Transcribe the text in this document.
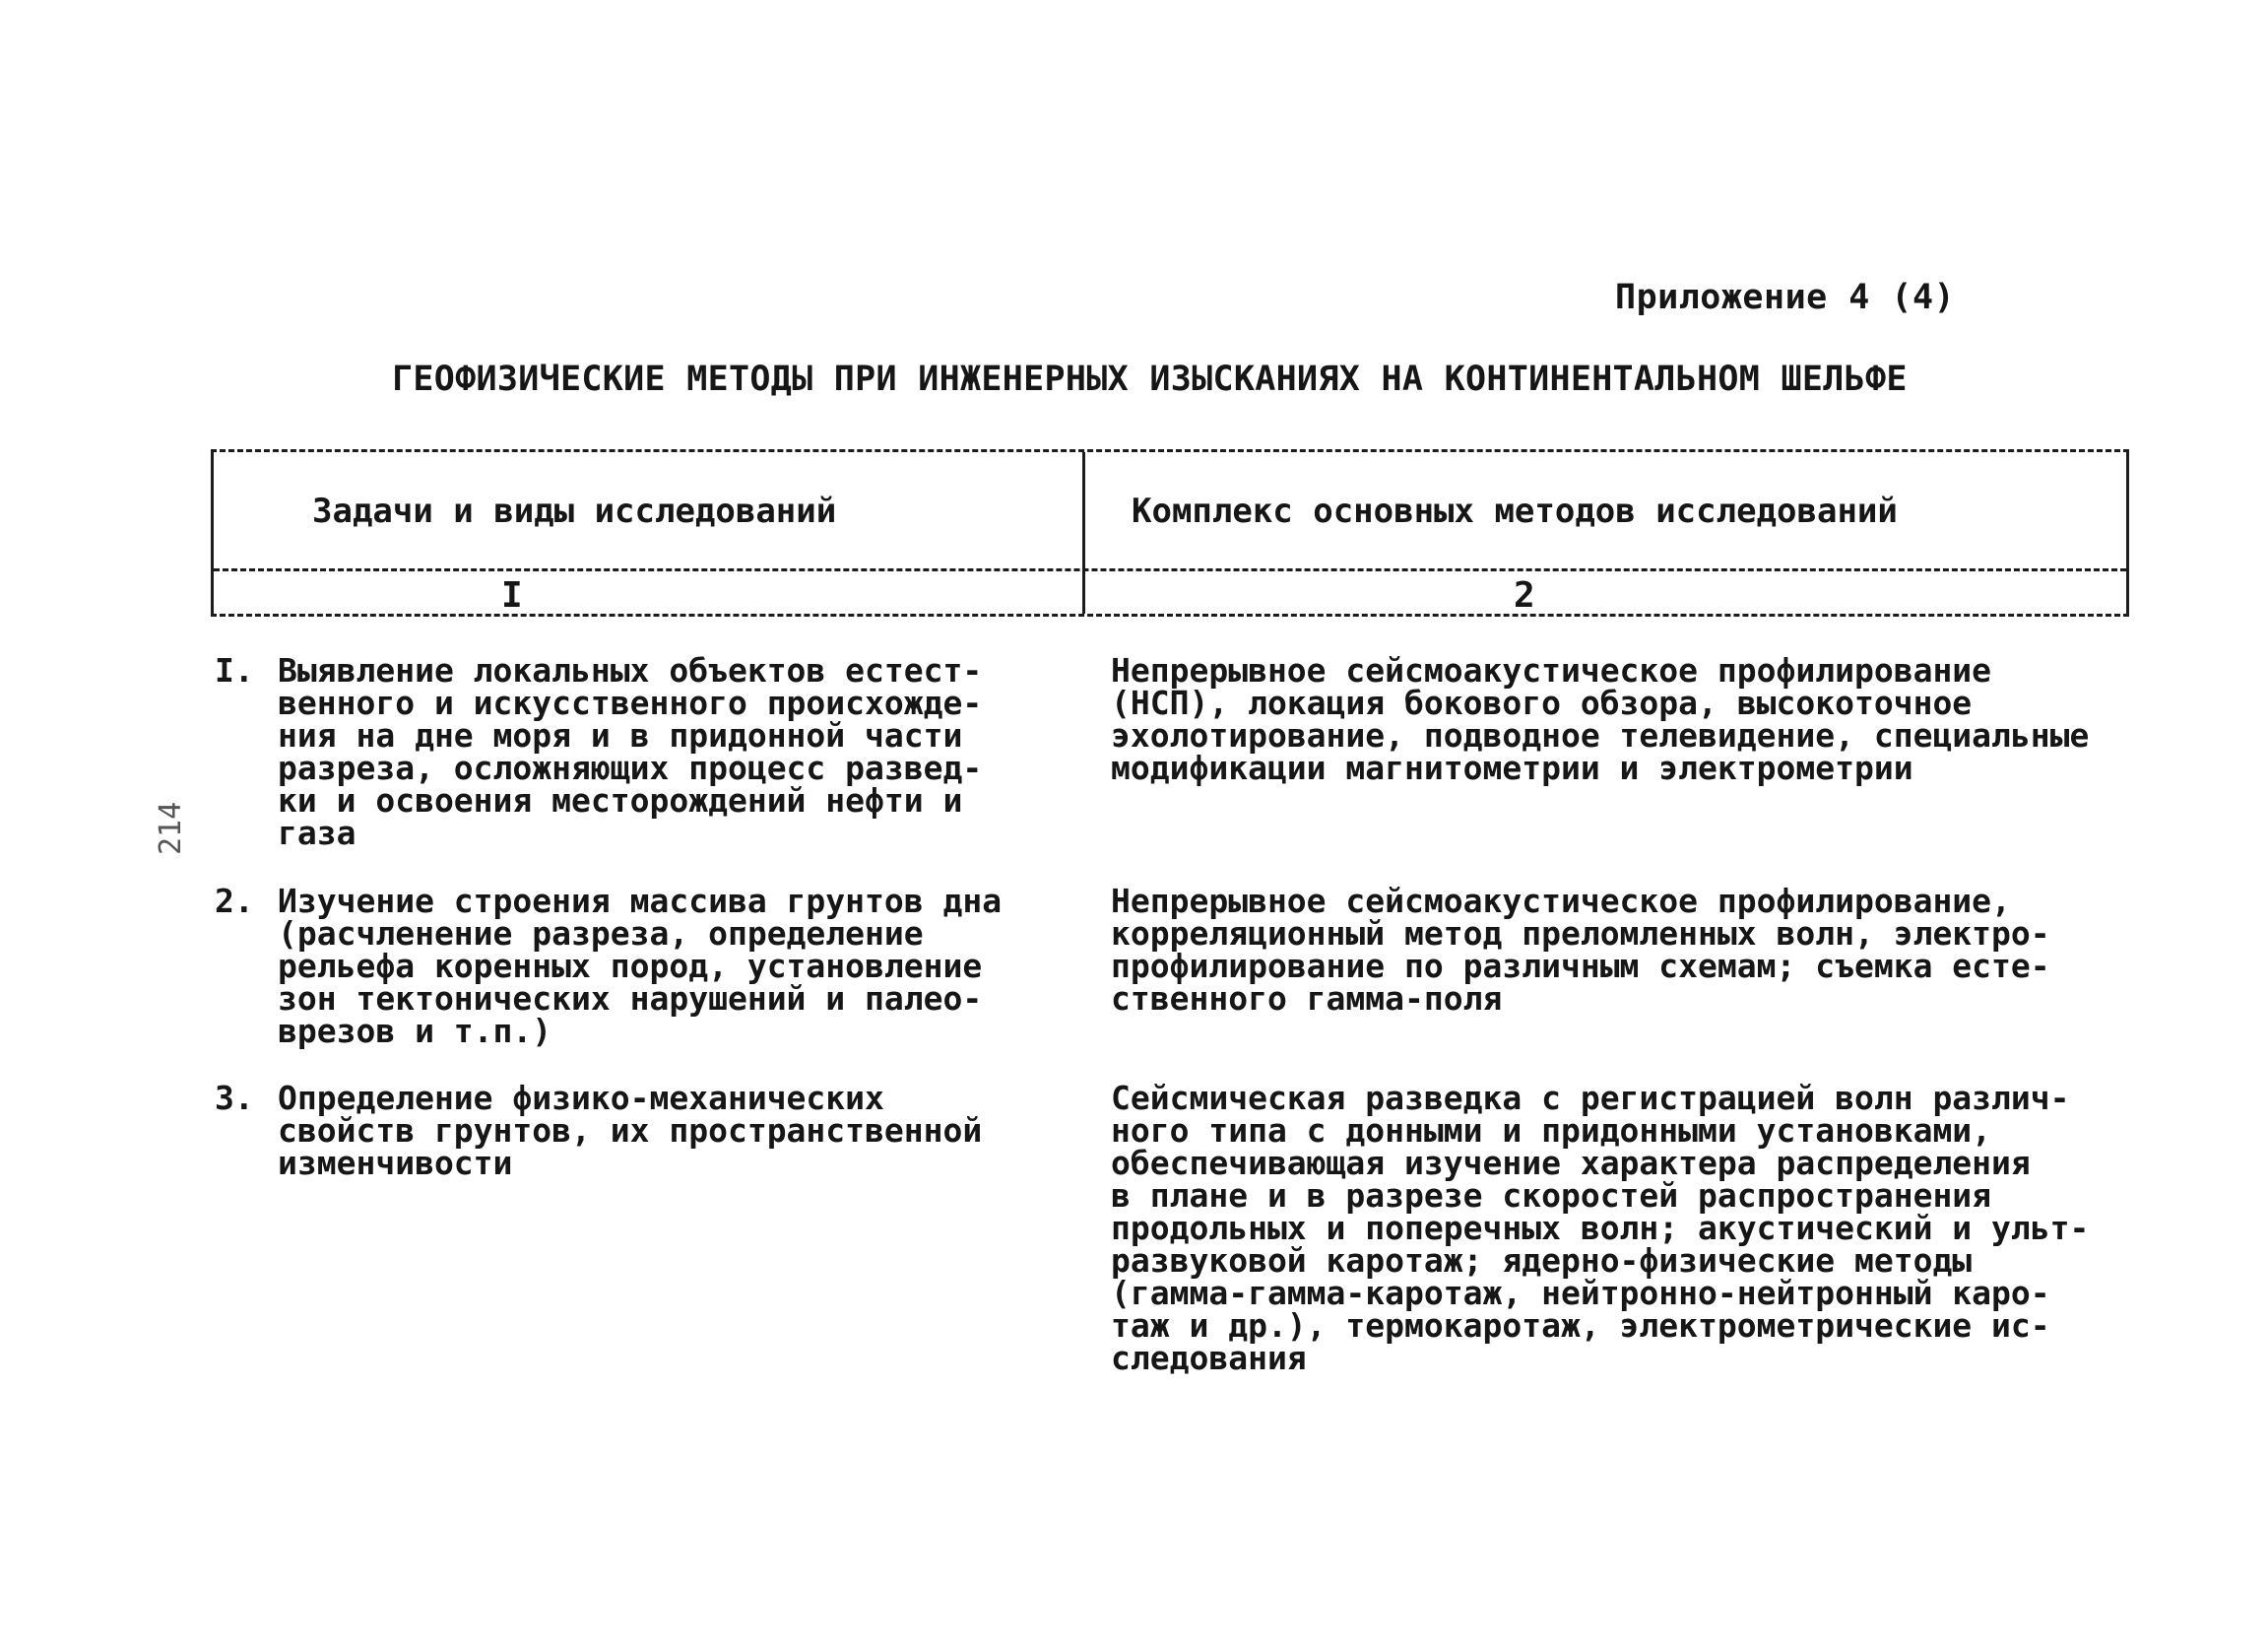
Приложение 4 (4)
ГЕОФИЗИЧЕСКИЕ МЕТОДЫ ПРИ ИНЖЕНЕРНЫХ ИЗЫСКАНИЯХ НА КОНТИНЕНТАЛЬНОМ ШЕЛЬФЕ
Задачи и виды исследований	Комплекс основных методов исследований
I	2
214
I. Выявление локальных объектов естест-
венного и искусственного происхожде-
ния на дне моря и в придонной части
разреза, осложняющих процесс развед-
ки и освоения месторождений нефти и
газа
Непрерывное сейсмоакустическое профилирование
(НСП), локация бокового обзора, высокоточное
эхолотирование, подводное телевидение, специальные
модификации магнитометрии и электрометрии
2. Изучение строения массива грунтов дна
(расчленение разреза, определение
рельефа коренных пород, установление
зон тектонических нарушений и палео-
врезов и т.п.)
Непрерывное сейсмоакустическое профилирование,
корреляционный метод преломленных волн, электро-
профилирование по различным схемам; съемка есте-
ственного гамма-поля
3. Определение физико-механических
свойств грунтов, их пространственной
изменчивости
Сейсмическая разведка с регистрацией волн различ-
ного типа с донными и придонными установками,
обеспечивающая изучение характера распределения
в плане и в разрезе скоростей распространения
продольных и поперечных волн; акустический и ульт-
развуковой каротаж; ядерно-физические методы
(гамма-гамма-каротаж, нейтронно-нейтронный каро-
таж и др.), термокаротаж, электрометрические ис-
следования
